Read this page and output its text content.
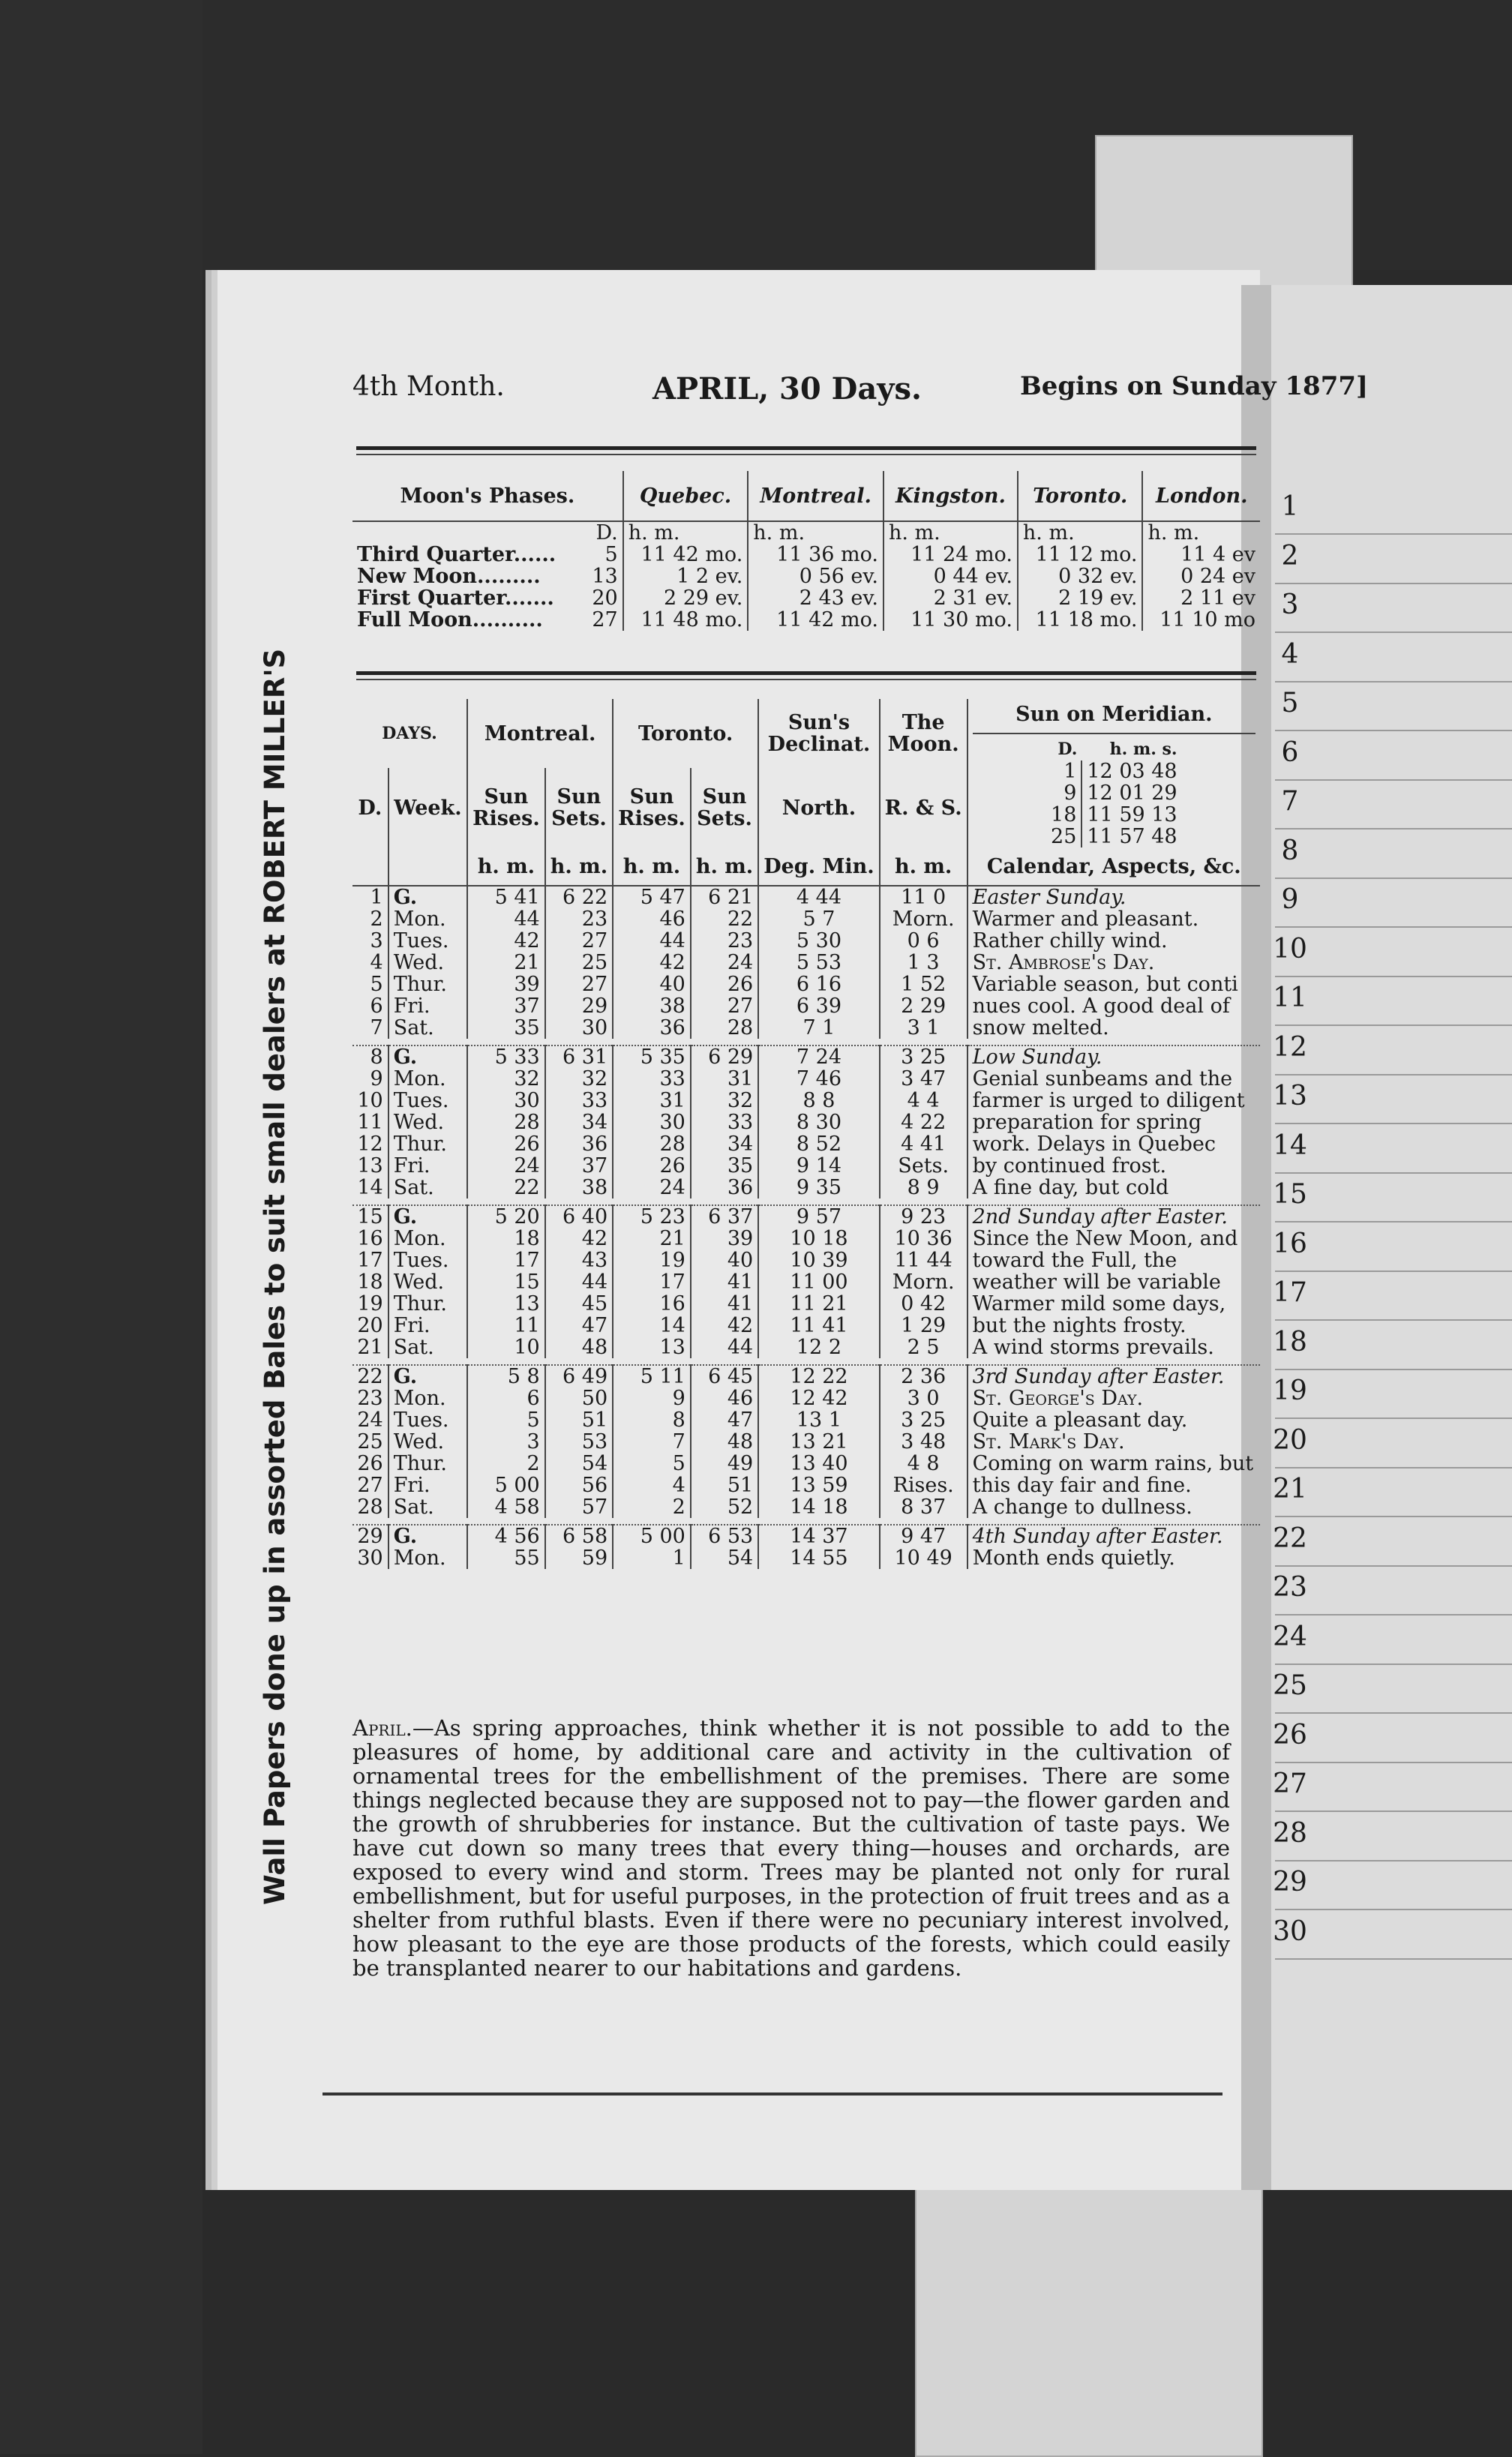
1
2
3
4
5
6
7
8
9
10
11
12
13
14
15
16
17
18
19
20
21
22
23
24
25
26
27
28
29
30
4th Month.	APRIL, 30 Days.	Begins on Sunday 1877]
Moon's Phases.		Quebec.	Montreal.	Kingston.	Toronto.	London.
	D.	h. m.	h. m.	h. m.	h. m.	h. m.
Third Quarter......	5	11 42 mo.	11 36 mo.	11 24 mo.	11 12 mo.	11 4 ev
New Moon.........	13	1 2 ev.	0 56 ev.	0 44 ev.	0 32 ev.	0 24 ev
First Quarter.......	20	2 29 ev.	2 43 ev.	2 31 ev.	2 19 ev.	2 11 ev
Full Moon..........	27	11 48 mo.	11 42 mo.	11 30 mo.	11 18 mo.	11 10 mo
DAYS.	Montreal.	Toronto.	Sun's Declinat.	The Moon.	
Sun on Meridian.
D.	h. m. s.
1	12 03 48
9	12 01 29
18	11 59 13
25	11 57 48

D.	Week.	Sun Rises.	Sun Sets.	Sun Rises.	Sun Sets.	North.	R. & S.
		h. m.	h. m.	h. m.	h. m.	Deg. Min.	h. m.	Calendar, Aspects, &c.
1	G.	5 41	6 22	5 47	6 21	4 44	11 0	Easter Sunday.
2	Mon.	44	23	46	22	5 7	Morn.	Warmer and pleasant.
3	Tues.	42	27	44	23	5 30	0 6	Rather chilly wind.
4	Wed.	21	25	42	24	5 53	1 3	St. Ambrose's Day.
5	Thur.	39	27	40	26	6 16	1 52	Variable season, but conti
6	Fri.	37	29	38	27	6 39	2 29	nues cool. A good deal of
7	Sat.	35	30	36	28	7 1	3 1	snow melted.

8	G.	5 33	6 31	5 35	6 29	7 24	3 25	Low Sunday.
9	Mon.	32	32	33	31	7 46	3 47	Genial sunbeams and the
10	Tues.	30	33	31	32	8 8	4 4	farmer is urged to diligent
11	Wed.	28	34	30	33	8 30	4 22	preparation for spring
12	Thur.	26	36	28	34	8 52	4 41	work. Delays in Quebec
13	Fri.	24	37	26	35	9 14	Sets.	by continued frost.
14	Sat.	22	38	24	36	9 35	8 9	A fine day, but cold

15	G.	5 20	6 40	5 23	6 37	9 57	9 23	2nd Sunday after Easter.
16	Mon.	18	42	21	39	10 18	10 36	Since the New Moon, and
17	Tues.	17	43	19	40	10 39	11 44	toward the Full, the
18	Wed.	15	44	17	41	11 00	Morn.	weather will be variable
19	Thur.	13	45	16	41	11 21	0 42	Warmer mild some days,
20	Fri.	11	47	14	42	11 41	1 29	but the nights frosty.
21	Sat.	10	48	13	44	12 2	2 5	A wind storms prevails.

22	G.	5 8	6 49	5 11	6 45	12 22	2 36	3rd Sunday after Easter.
23	Mon.	6	50	9	46	12 42	3 0	St. George's Day.
24	Tues.	5	51	8	47	13 1	3 25	Quite a pleasant day.
25	Wed.	3	53	7	48	13 21	3 48	St. Mark's Day.
26	Thur.	2	54	5	49	13 40	4 8	Coming on warm rains, but
27	Fri.	5 00	56	4	51	13 59	Rises.	this day fair and fine.
28	Sat.	4 58	57	2	52	14 18	8 37	A change to dullness.

29	G.	4 56	6 58	5 00	6 53	14 37	9 47	4th Sunday after Easter.
30	Mon.	55	59	1	54	14 55	10 49	Month ends quietly.

Wall Papers done up in assorted Bales to suit small dealers at ROBERT MILLER'S	April.—As spring approaches, think whether it is not possible to add to the pleasures of home, by additional care and activity in the cultivation of ornamental trees for the embellishment of the premises. There are some things neglected because they are supposed not to pay—the flower garden and the growth of shrubberies for instance. But the cultivation of taste pays. We have cut down so many trees that every thing—houses and orchards, are exposed to every wind and storm. Trees may be planted not only for rural embellishment, but for useful purposes, in the protection of fruit trees and as a shelter from ruthful blasts. Even if there were no pecuniary interest involved, how pleasant to the eye are those products of the forests, which could easily be transplanted nearer to our habitations and gardens.
